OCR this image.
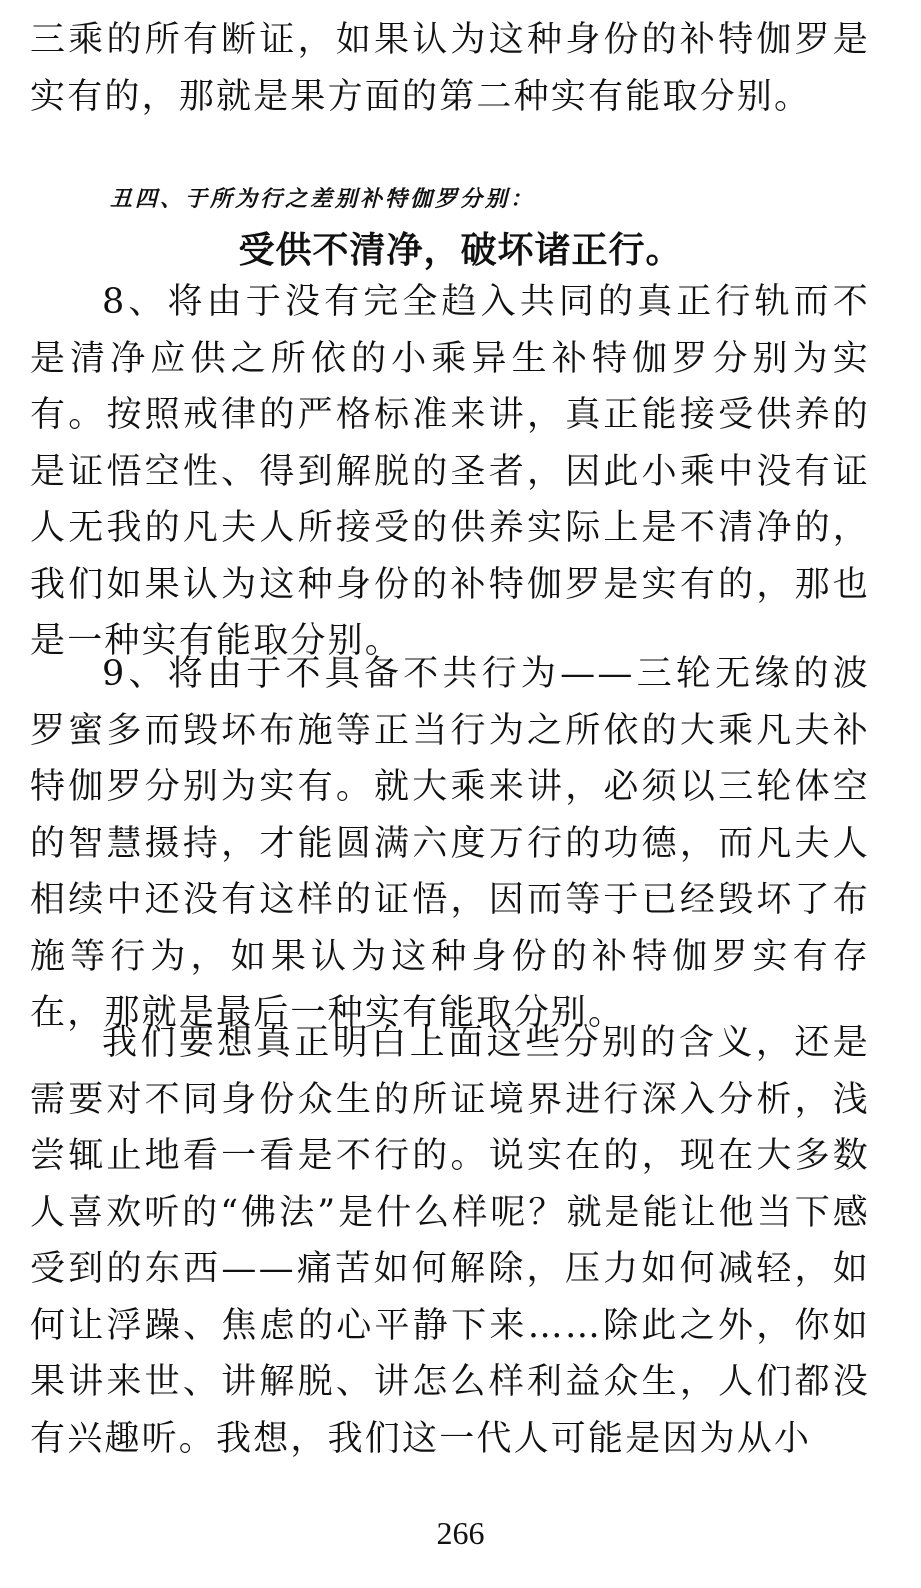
三乘的所有断证，如果认为这种身份的补特伽罗是实有的，那就是果方面的第二种实有能取分别。

丑四、于所为行之差别补特伽罗分别：

受供不清净，破坏诸正行。

8、将由于没有完全趋入共同的真正行轨而不是清净应供之所依的小乘异生补特伽罗分别为实有。按照戒律的严格标准来讲，真正能接受供养的是证悟空性、得到解脱的圣者，因此小乘中没有证人无我的凡夫人所接受的供养实际上是不清净的，我们如果认为这种身份的补特伽罗是实有的，那也是一种实有能取分别。

9、将由于不具备不共行为——三轮无缘的波罗蜜多而毁坏布施等正当行为之所依的大乘凡夫补特伽罗分别为实有。就大乘来讲，必须以三轮体空的智慧摄持，才能圆满六度万行的功德，而凡夫人相续中还没有这样的证悟，因而等于已经毁坏了布施等行为，如果认为这种身份的补特伽罗实有存在，那就是最后一种实有能取分别。

我们要想真正明白上面这些分别的含义，还是需要对不同身份众生的所证境界进行深入分析，浅尝辄止地看一看是不行的。说实在的，现在大多数人喜欢听的“佛法”是什么样呢？就是能让他当下感受到的东西——痛苦如何解除，压力如何减轻，如何让浮躁、焦虑的心平静下来……除此之外，你如果讲来世、讲解脱、讲怎么样利益众生，人们都没有兴趣听。我想，我们这一代人可能是因为从小

266
